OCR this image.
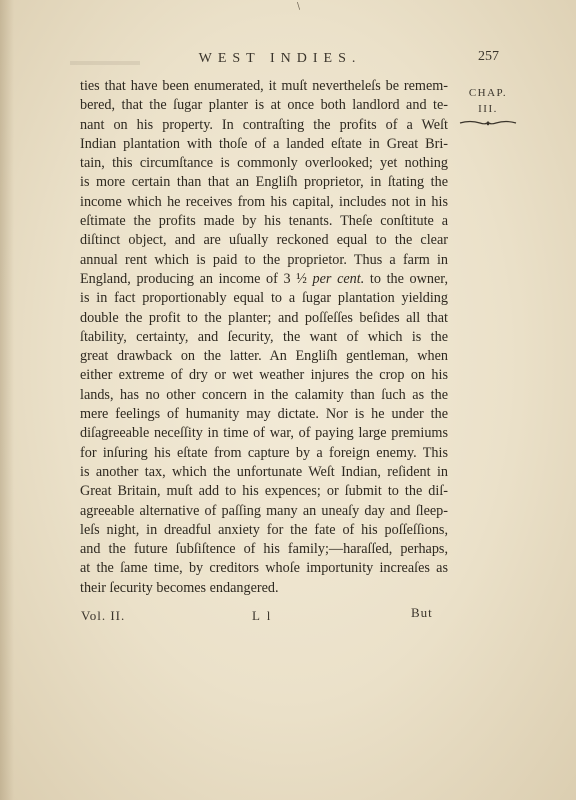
\
WEST INDIES.	257
CHAP.
III.
ties that have been enumerated, it muſt nevertheleſs be remem-
bered, that the ſugar planter is at once both landlord and te-
nant on his property. In contraſting the profits of a Weſt
Indian plantation with thoſe of a landed eſtate in Great Bri-
tain, this circumſtance is commonly overlooked; yet nothing
is more certain than that an Engliſh proprietor, in ſtating the
income which he receives from his capital, includes not in his
eſtimate the profits made by his tenants. Theſe conſtitute a
diſtinct object, and are uſually reckoned equal to the clear
annual rent which is paid to the proprietor. Thus a farm in
England, producing an income of 3 ½ per cent. to the owner,
is in fact proportionably equal to a ſugar plantation yielding
double the profit to the planter; and poſſeſſes beſides all that
ſtability, certainty, and ſecurity, the want of which is the
great drawback on the latter. An Engliſh gentleman, when
either extreme of dry or wet weather injures the crop on his
lands, has no other concern in the calamity than ſuch as the
mere feelings of humanity may dictate. Nor is he under the
diſagreeable neceſſity in time of war, of paying large premiums
for inſuring his eſtate from capture by a foreign enemy. This
is another tax, which the unfortunate Weſt Indian, reſident in
Great Britain, muſt add to his expences; or ſubmit to the diſ-
agreeable alternative of paſſing many an uneaſy day and ſleep-
leſs night, in dreadful anxiety for the fate of his poſſeſſions,
and the future ſubſiſtence of his family;—haraſſed, perhaps,
at the ſame time, by creditors whoſe importunity increaſes as
their ſecurity becomes endangered.
Vol. II.	L l	But
